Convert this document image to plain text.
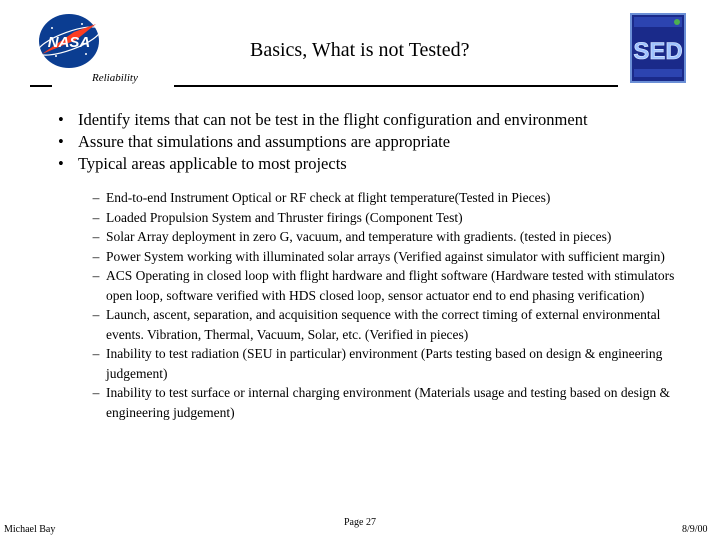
NASA	SED
Basics, What is not Tested?
Reliability
• Identify items that can not be test in the flight configuration and environment
• Assure that simulations and assumptions are appropriate
• Typical areas applicable to most projects
– End-to-end Instrument Optical or RF check at flight temperature(Tested in Pieces)
– Loaded Propulsion System and Thruster firings (Component Test)
– Solar Array deployment in zero G, vacuum, and temperature with gradients. (tested in pieces)
– Power System working with illuminated solar arrays (Verified against simulator with sufficient margin)
– ACS Operating in closed loop with flight hardware and flight software (Hardware tested with stimulators open loop, software verified with HDS closed loop, sensor actuator end to end phasing verification)
– Launch, ascent, separation, and acquisition sequence with the correct timing of external environmental events. Vibration, Thermal, Vacuum, Solar, etc. (Verified in pieces)
– Inability to test radiation (SEU in particular) environment (Parts testing based on design & engineering judgement)
– Inability to test surface or internal charging environment (Materials usage and testing based on design & engineering judgement)
Michael Bay
Page 27
8/9/00
